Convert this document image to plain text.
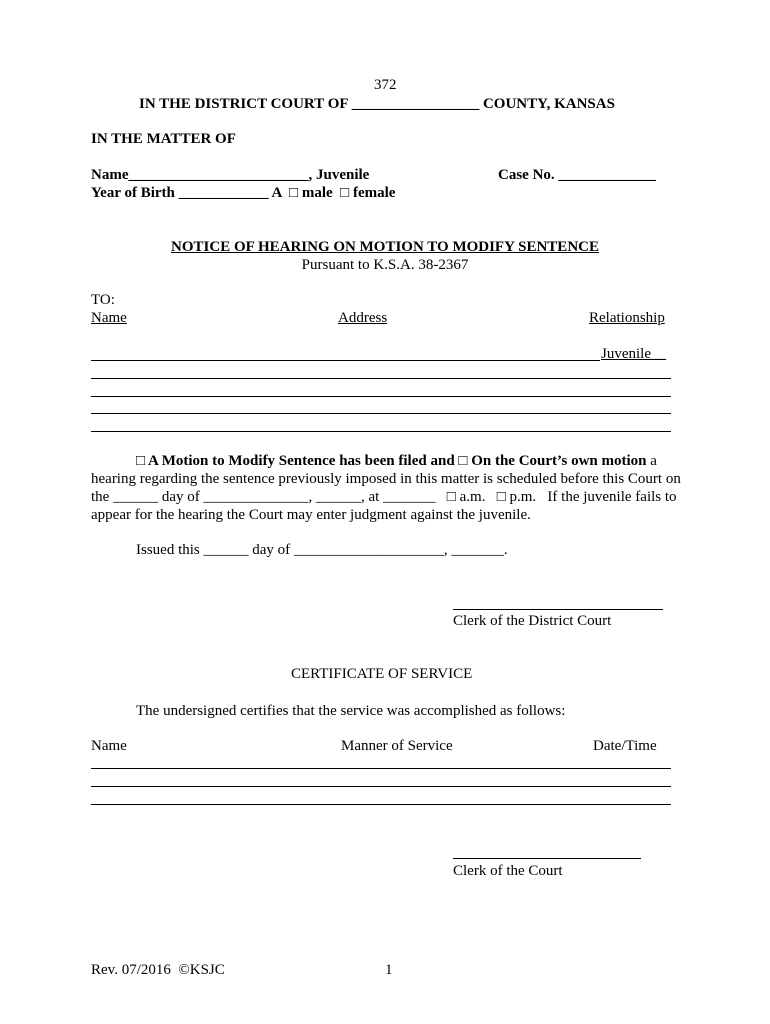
372
IN THE DISTRICT COURT OF _________________ COUNTY, KANSAS
IN THE MATTER OF
Name________________________, Juvenile	Case No. _____________
Year of Birth ____________ A  □ male  □ female
NOTICE OF HEARING ON MOTION TO MODIFY SENTENCE
Pursuant to K.S.A. 38-2367
TO:
Name	Address	Relationship
Juvenile__
□ A Motion to Modify Sentence has been filed and □ On the Court’s own motion a
hearing regarding the sentence previously imposed in this matter is scheduled before this Court on
the ______ day of ______________, ______, at _______   □ a.m.   □ p.m.   If the juvenile fails to
appear for the hearing the Court may enter judgment against the juvenile.
Issued this ______ day of ____________________, _______.
Clerk of the District Court
CERTIFICATE OF SERVICE
The undersigned certifies that the service was accomplished as follows:
Name	Manner of Service	Date/Time
Clerk of the Court
Rev. 07/2016  ©KSJC	1
